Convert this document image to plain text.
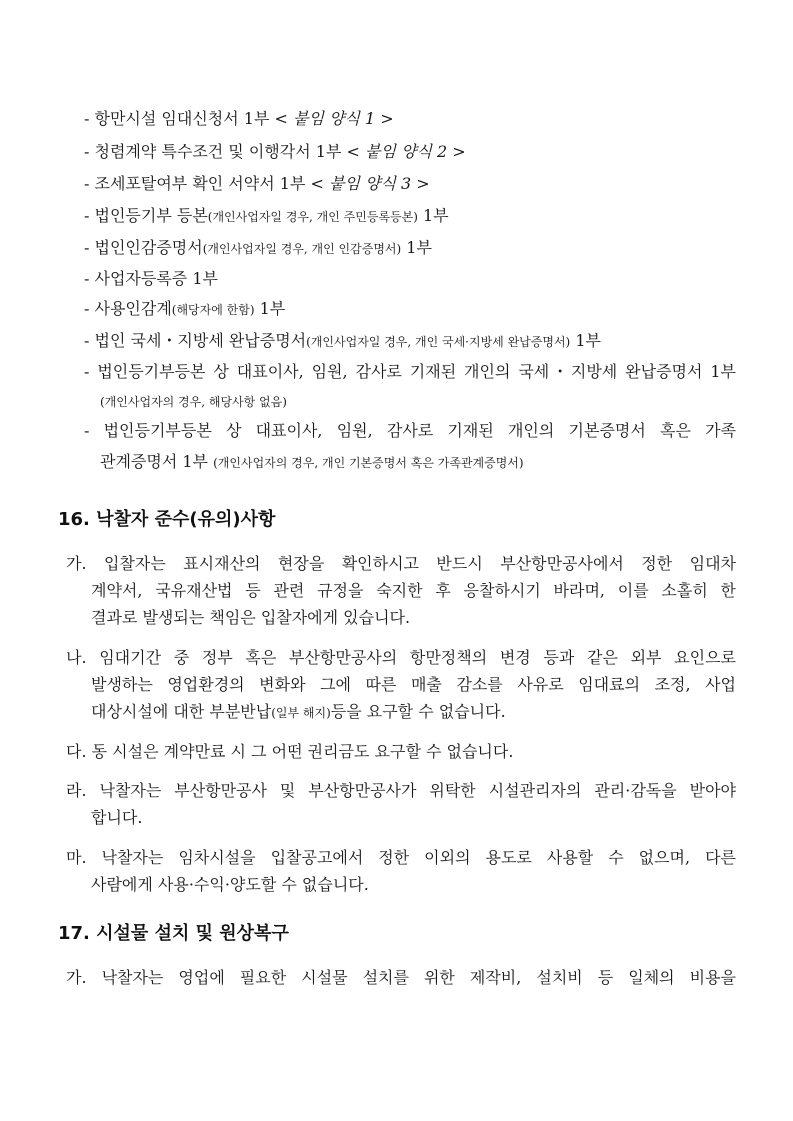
- 항만시설 임대신청서 1부 < 붙임 양식 1 >
- 청렴계약 특수조건 및 이행각서 1부 < 붙임 양식 2 >
- 조세포탈여부 확인 서약서 1부 < 붙임 양식 3 >
- 법인등기부 등본(개인사업자일 경우, 개인 주민등록등본) 1부
- 법인인감증명서(개인사업자일 경우, 개인 인감증명서) 1부
- 사업자등록증 1부
- 사용인감계(해당자에 한함) 1부
- 법인 국세・지방세 완납증명서(개인사업자일 경우, 개인 국세·지방세 완납증명서) 1부
- 법인등기부등본 상 대표이사, 임원, 감사로 기재된 개인의 국세・지방세 완납증명서 1부
(개인사업자의 경우, 해당사항 없음)
- 법인등기부등본 상 대표이사, 임원, 감사로 기재된 개인의 기본증명서 혹은 가족
관계증명서 1부 (개인사업자의 경우, 개인 기본증명서 혹은 가족관계증명서)
16. 낙찰자 준수(유의)사항
가. 입찰자는 표시재산의 현장을 확인하시고 반드시 부산항만공사에서 정한 임대차
계약서, 국유재산법 등 관련 규정을 숙지한 후 응찰하시기 바라며, 이를 소홀히 한
결과로 발생되는 책임은 입찰자에게 있습니다.
나. 임대기간 중 정부 혹은 부산항만공사의 항만정책의 변경 등과 같은 외부 요인으로
발생하는 영업환경의 변화와 그에 따른 매출 감소를 사유로 임대료의 조정, 사업
대상시설에 대한 부분반납(일부 해지)등을 요구할 수 없습니다.
다. 동 시설은 계약만료 시 그 어떤 권리금도 요구할 수 없습니다.
라. 낙찰자는 부산항만공사 및 부산항만공사가 위탁한 시설관리자의 관리·감독을 받아야
합니다.
마. 낙찰자는 임차시설을 입찰공고에서 정한 이외의 용도로 사용할 수 없으며, 다른
사람에게 사용·수익·양도할 수 없습니다.
17. 시설물 설치 및 원상복구
가. 낙찰자는 영업에 필요한 시설물 설치를 위한 제작비, 설치비 등 일체의 비용을
